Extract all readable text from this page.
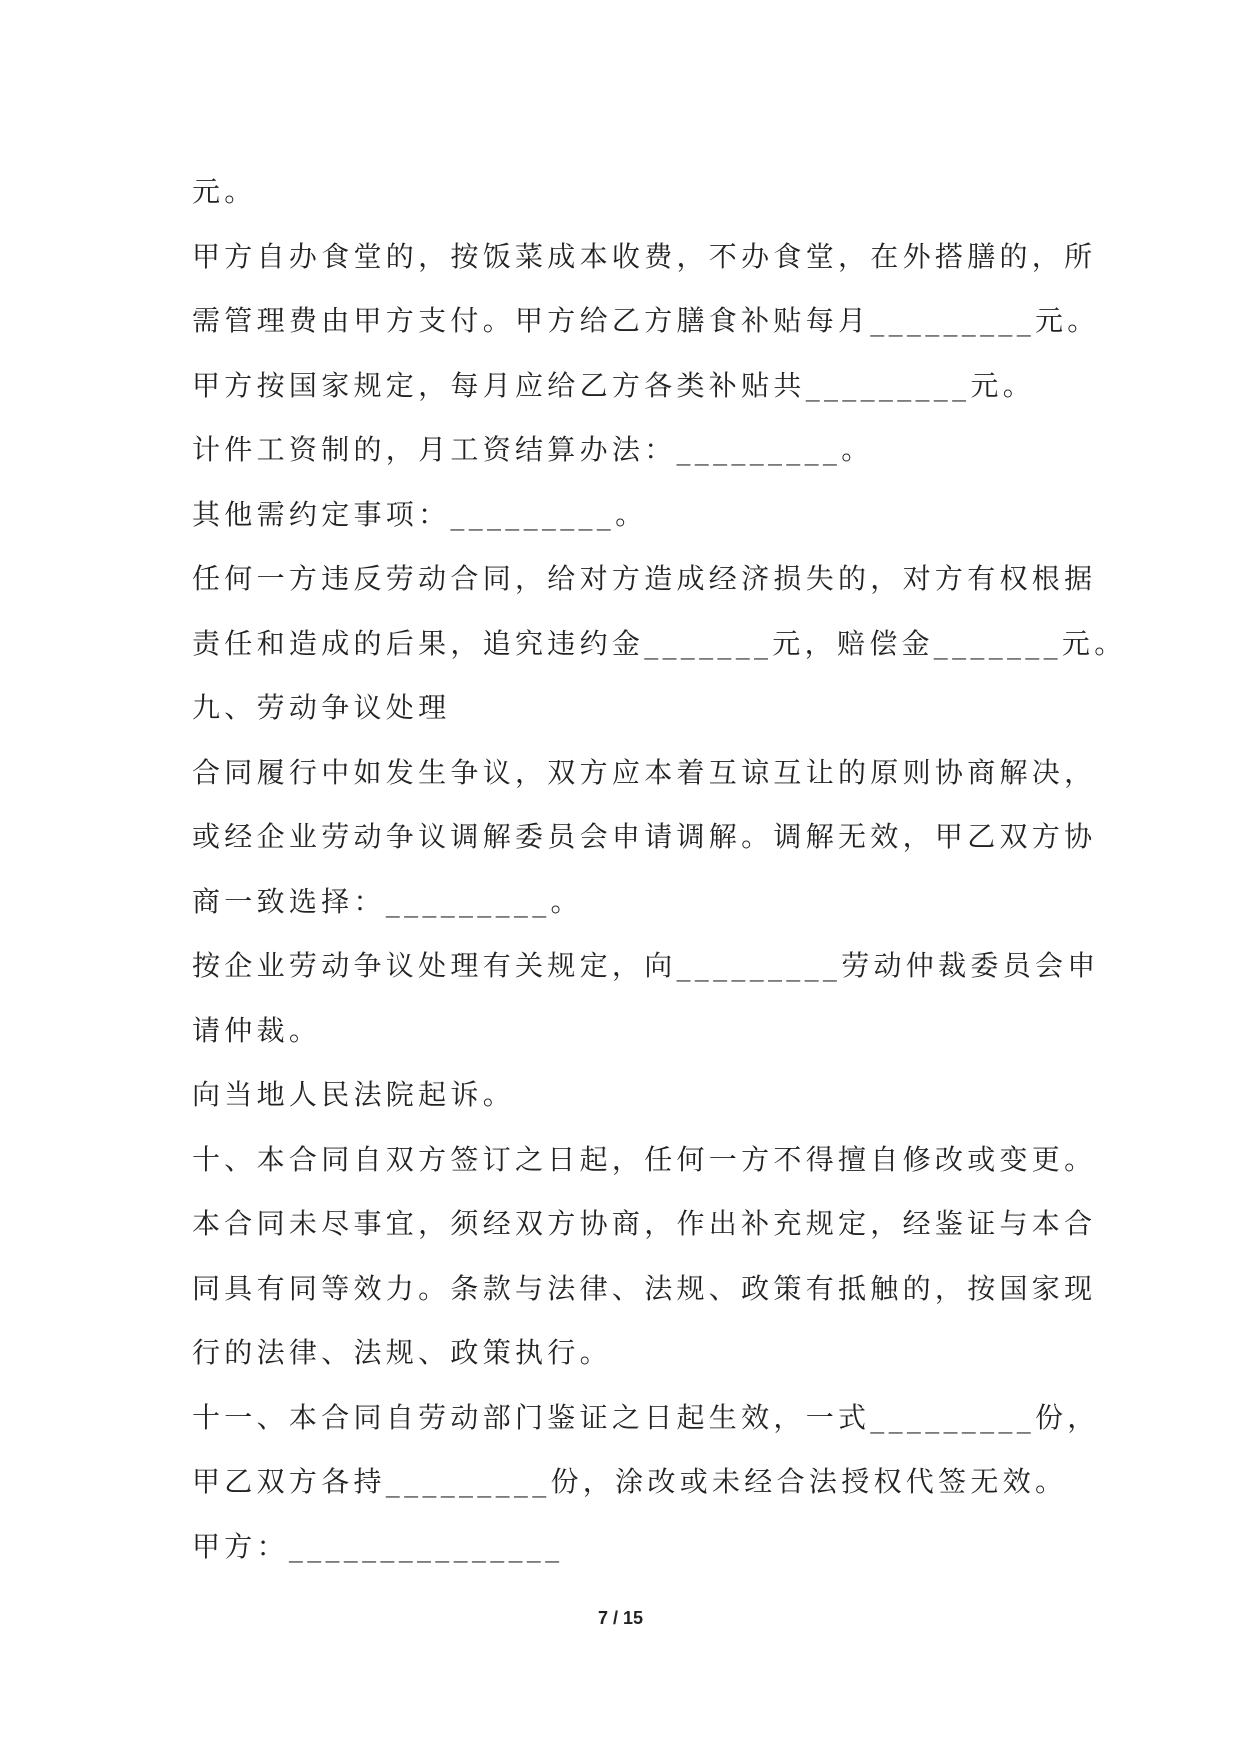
元。
甲方自办食堂的，按饭菜成本收费，不办食堂，在外搭膳的，所
需管理费由甲方支付。甲方给乙方膳食补贴每月_________元。
甲方按国家规定，每月应给乙方各类补贴共_________元。
计件工资制的，月工资结算办法：_________。
其他需约定事项：_________。
任何一方违反劳动合同，给对方造成经济损失的，对方有权根据
责任和造成的后果，追究违约金_______元，赔偿金_______元。
九、劳动争议处理
合同履行中如发生争议，双方应本着互谅互让的原则协商解决，
或经企业劳动争议调解委员会申请调解。调解无效，甲乙双方协
商一致选择：_________。
按企业劳动争议处理有关规定，向_________劳动仲裁委员会申
请仲裁。
向当地人民法院起诉。
十、本合同自双方签订之日起，任何一方不得擅自修改或变更。
本合同未尽事宜，须经双方协商，作出补充规定，经鉴证与本合
同具有同等效力。条款与法律、法规、政策有抵触的，按国家现
行的法律、法规、政策执行。
十一、本合同自劳动部门鉴证之日起生效，一式_________份，
甲乙双方各持_________份，涂改或未经合法授权代签无效。
甲方：_______________
7 / 15
